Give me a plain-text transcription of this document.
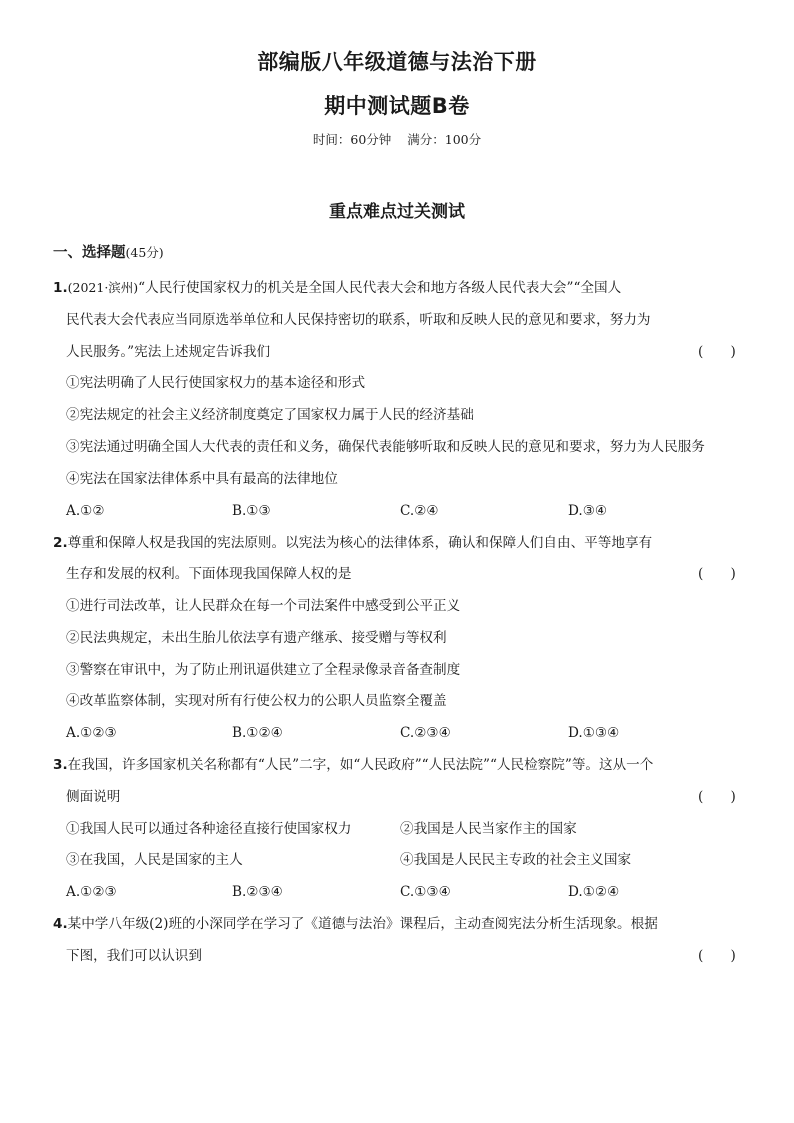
部编版八年级道德与法治下册
期中测试题B卷
时间：60分钟 满分：100分
重点难点过关测试
一、选择题(45分)
1.(2021·滨州)“人民行使国家权力的机关是全国人民代表大会和地方各级人民代表大会”“全国人
民代表大会代表应当同原选举单位和人民保持密切的联系，听取和反映人民的意见和要求，努力为
人民服务。”宪法上述规定告诉我们	(　　)
①宪法明确了人民行使国家权力的基本途径和形式
②宪法规定的社会主义经济制度奠定了国家权力属于人民的经济基础
③宪法通过明确全国人大代表的责任和义务，确保代表能够听取和反映人民的意见和要求，努力为人民服务
④宪法在国家法律体系中具有最高的法律地位
A.①②	B.①③	C.②④	D.③④
2.尊重和保障人权是我国的宪法原则。以宪法为核心的法律体系，确认和保障人们自由、平等地享有
生存和发展的权利。下面体现我国保障人权的是	(　　)
①进行司法改革，让人民群众在每一个司法案件中感受到公平正义
②民法典规定，未出生胎儿依法享有遗产继承、接受赠与等权利
③警察在审讯中，为了防止刑讯逼供建立了全程录像录音备查制度
④改革监察体制，实现对所有行使公权力的公职人员监察全覆盖
A.①②③	B.①②④	C.②③④	D.①③④
3.在我国，许多国家机关名称都有“人民”二字，如“人民政府”“人民法院”“人民检察院”等。这从一个
侧面说明	(　　)
①我国人民可以通过各种途径直接行使国家权力	②我国是人民当家作主的国家
③在我国，人民是国家的主人	④我国是人民民主专政的社会主义国家
A.①②③	B.②③④	C.①③④	D.①②④
4.某中学八年级(2)班的小深同学在学习了《道德与法治》课程后，主动查阅宪法分析生活现象。根据
下图，我们可以认识到	(　　)
